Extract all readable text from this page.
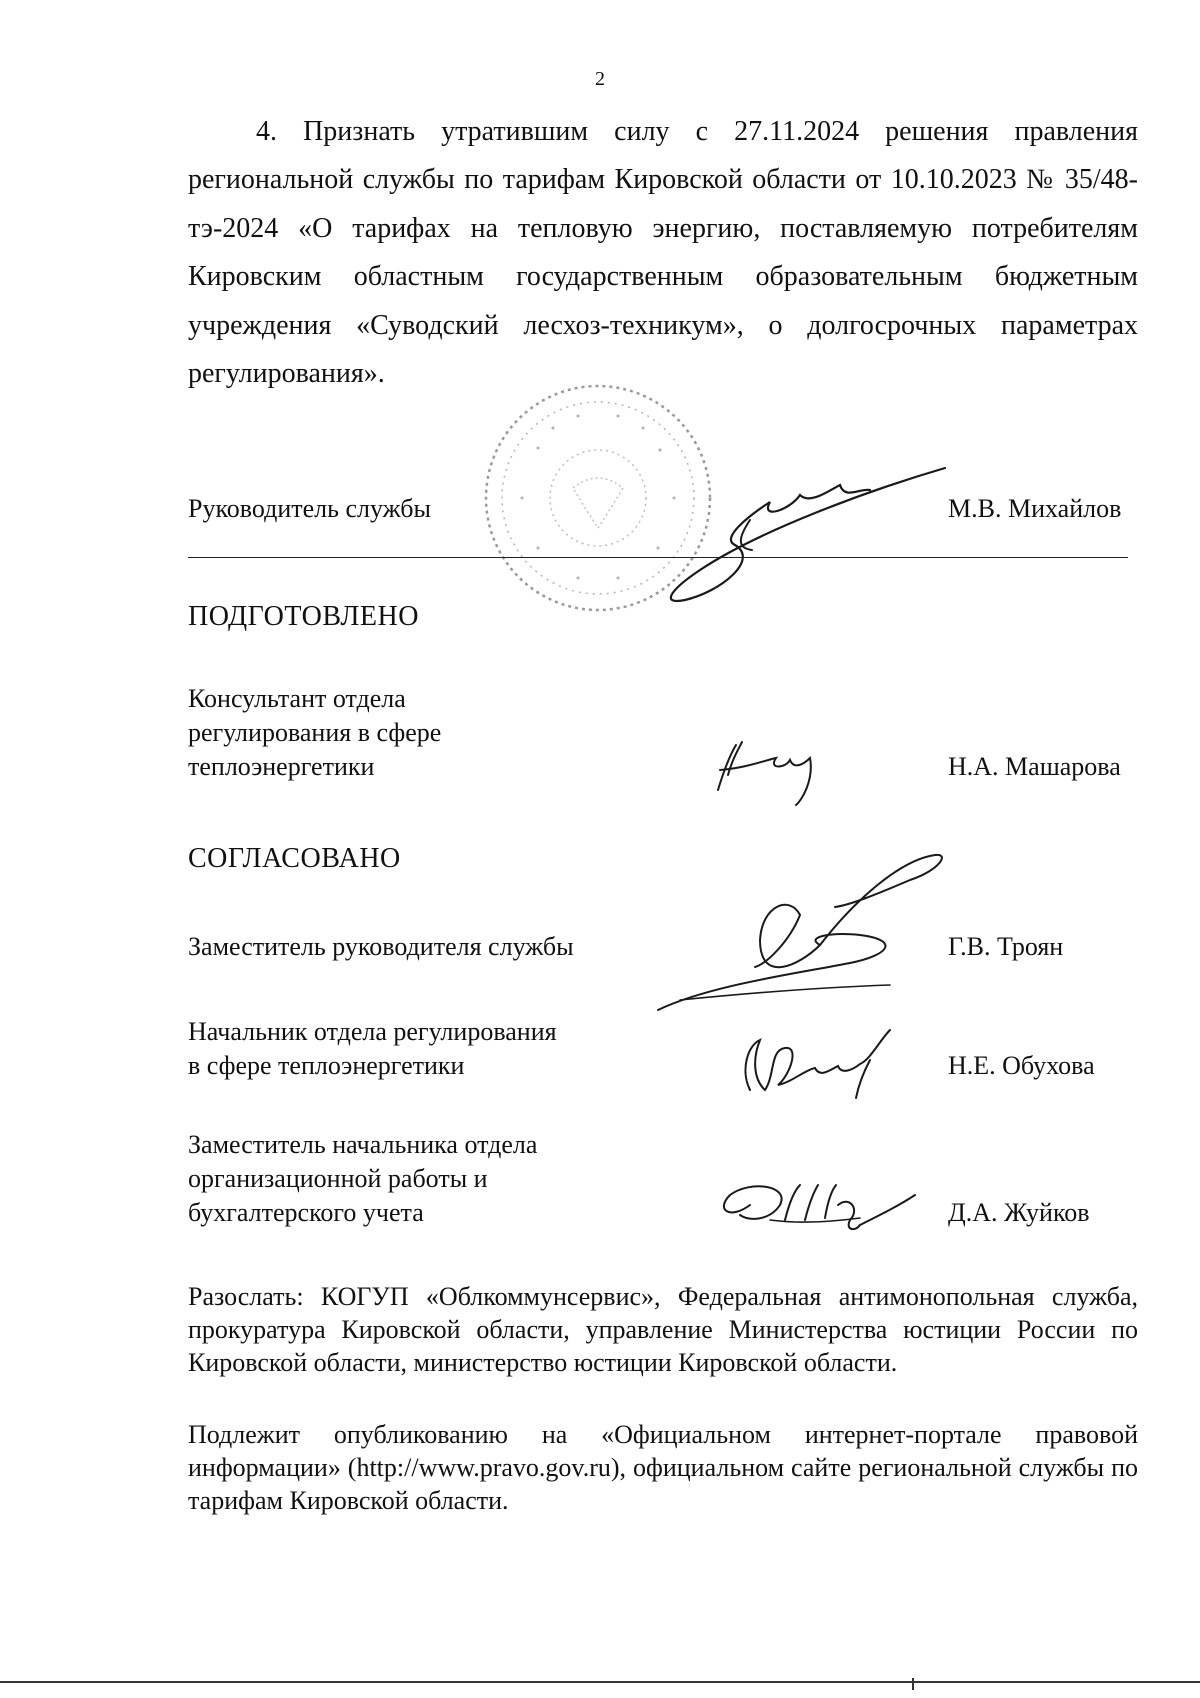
2

4. Признать утратившим силу с 27.11.2024 решения правления региональной службы по тарифам Кировской области от 10.10.2023 № 35/48-тэ-2024 «О тарифах на тепловую энергию, поставляемую потребителям Кировским областным государственным образовательным бюджетным учреждения «Суводский лесхоз-техникум», о долгосрочных параметрах регулирования».

Руководитель службы	М.В. Михайлов
ПОДГОТОВЛЕНО
Консультант отдела
регулирования в сфере
теплоэнергетики	Н.А. Машарова
СОГЛАСОВАНО
Заместитель руководителя службы	Г.В. Троян
Начальник отдела регулирования
в сфере теплоэнергетики	Н.Е. Обухова
Заместитель начальника отдела
организационной работы и
бухгалтерского учета	Д.А. Жуйков

Разослать: КОГУП «Облкоммунсервис», Федеральная антимонопольная служба, прокуратура Кировской области, управление Министерства юстиции России по Кировской области, министерство юстиции Кировской области.

Подлежит опубликованию на «Официальном интернет-портале правовой информации» (http://www.pravo.gov.ru), официальном сайте региональной службы по тарифам Кировской области.
